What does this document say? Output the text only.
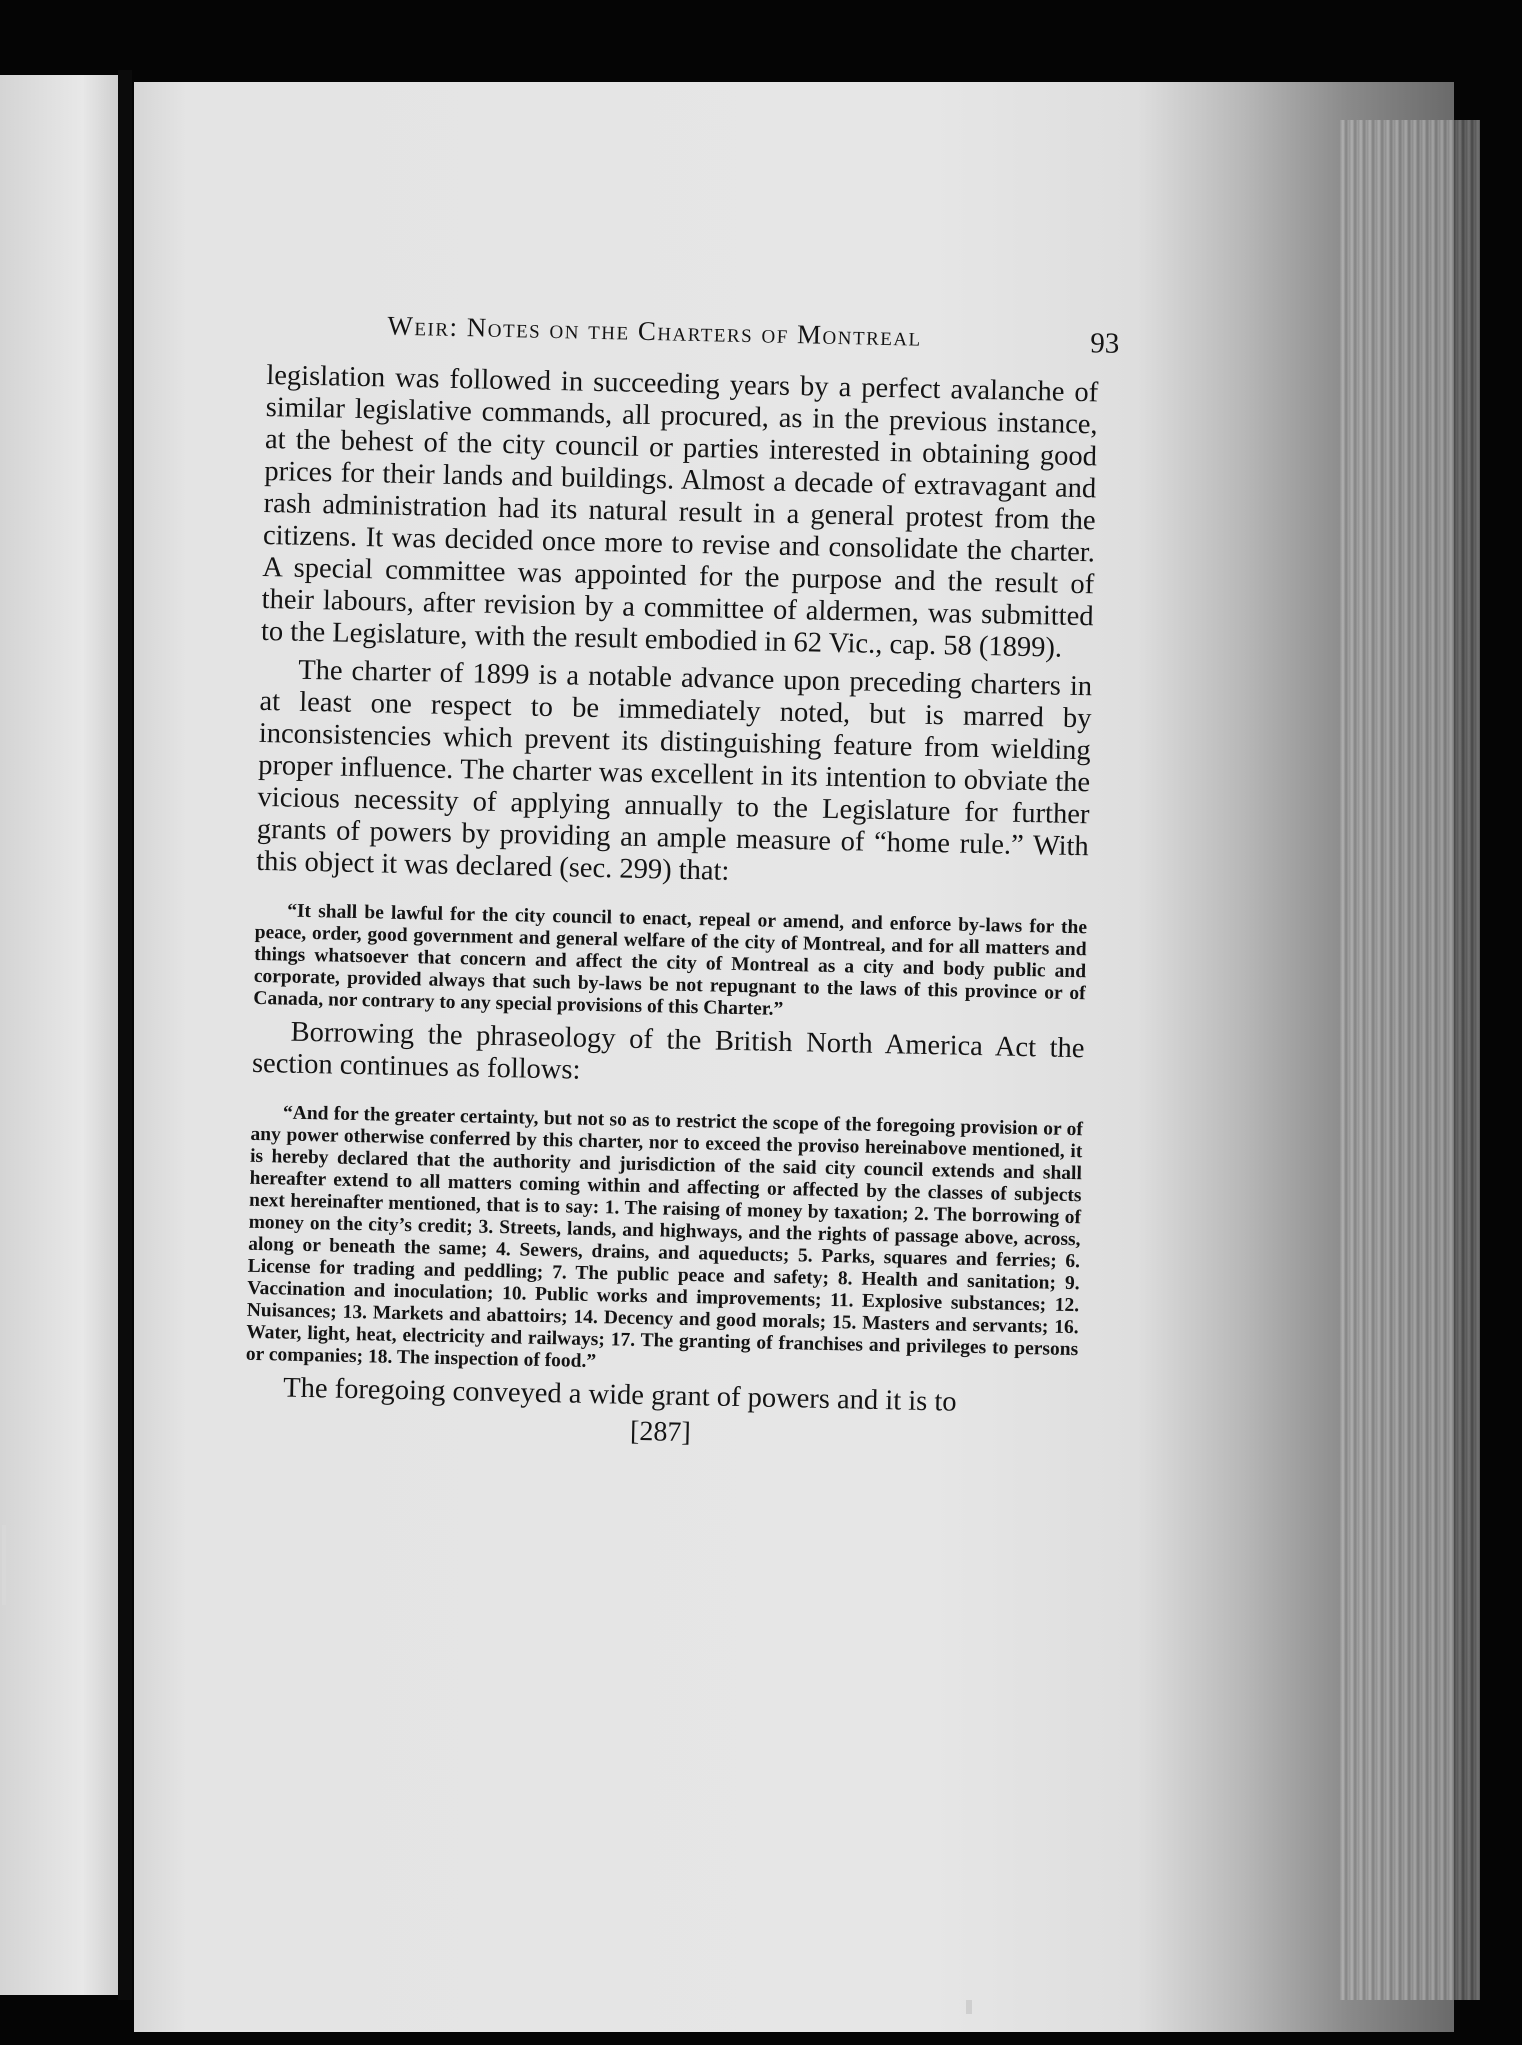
Weir: Notes on the Charters of Montreal	93

legislation was followed in succeeding years by a perfect avalanche of similar legislative commands, all procured, as in the previous instance, at the behest of the city council or parties interested in obtaining good prices for their lands and buildings. Almost a decade of extravagant and rash administration had its natural result in a general protest from the citizens. It was decided once more to revise and consolidate the charter. A special committee was appointed for the purpose and the result of their labours, after revision by a committee of aldermen, was submitted to the Legislature, with the result embodied in 62 Vic., cap. 58 (1899).

The charter of 1899 is a notable advance upon preceding charters in at least one respect to be immediately noted, but is marred by inconsistencies which prevent its distinguishing feature from wielding proper influence. The charter was excellent in its intention to obviate the vicious necessity of applying annually to the Legislature for further grants of powers by providing an ample measure of “home rule.” With this object it was declared (sec. 299) that:

“It shall be lawful for the city council to enact, repeal or amend, and enforce by-laws for the peace, order, good government and general welfare of the city of Montreal, and for all matters and things whatsoever that concern and affect the city of Montreal as a city and body public and corporate, provided always that such by-laws be not repugnant to the laws of this province or of Canada, nor contrary to any special provisions of this Charter.”

Borrowing the phraseology of the British North America Act the section continues as follows:

“And for the greater certainty, but not so as to restrict the scope of the foregoing provision or of any power otherwise conferred by this charter, nor to exceed the proviso hereinabove mentioned, it is hereby declared that the authority and jurisdiction of the said city council extends and shall hereafter extend to all matters coming within and affecting or affected by the classes of subjects next hereinafter mentioned, that is to say: 1. The raising of money by taxation; 2. The borrowing of money on the city’s credit; 3. Streets, lands, and highways, and the rights of passage above, across, along or beneath the same; 4. Sewers, drains, and aqueducts; 5. Parks, squares and ferries; 6. License for trading and peddling; 7. The public peace and safety; 8. Health and sanitation; 9. Vaccination and inoculation; 10. Public works and improvements; 11. Explosive substances; 12. Nuisances; 13. Markets and abattoirs; 14. Decency and good morals; 15. Masters and servants; 16. Water, light, heat, electricity and railways; 17. The granting of franchises and privileges to persons or companies; 18. The inspection of food.”

The foregoing conveyed a wide grant of powers and it is to

[287]
